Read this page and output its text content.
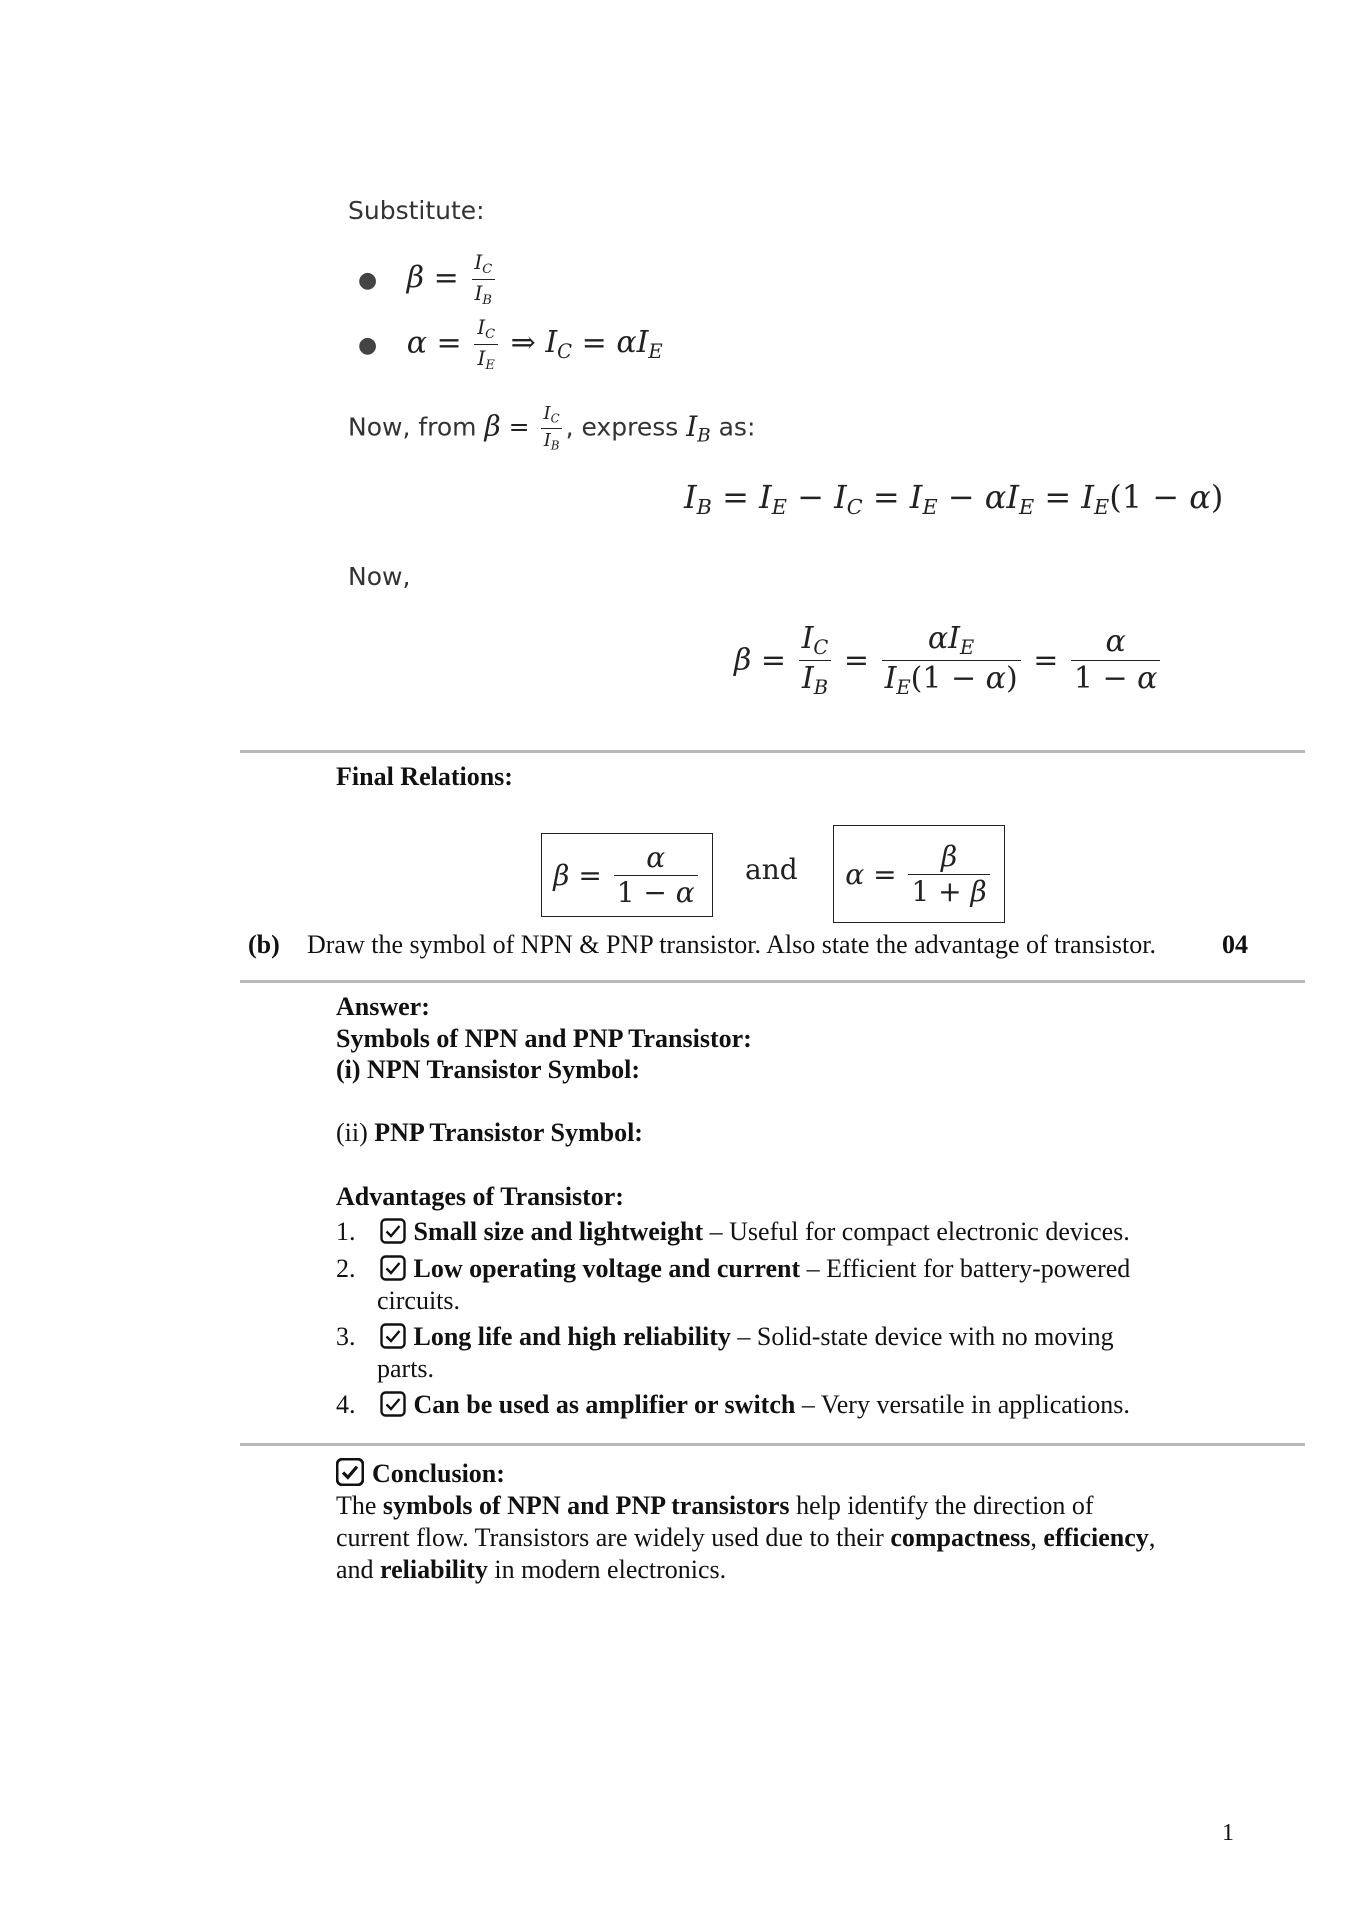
Substitute:
● $\beta = \frac{I_C}{I_B}$
● $\alpha = \frac{I_C}{I_E}$ ⇒ $I_C = \alpha I_E$
Now, from $\beta = \frac{I_C}{I_B}$ , express $I_B$ as:
$I_B = I_E - I_C = I_E - \alpha I_E = I_E(1 - \alpha)$
Now,
$\beta = \frac{I_C}{I_B} = \frac{\alpha I_E}{I_E(1 - \alpha)} = \frac{\alpha}{1 - \alpha}$
Final Relations:
$\beta = \frac{\alpha}{1 - \alpha}$ and $\alpha = \frac{\beta}{1 + \beta}$
(b) Draw the symbol of NPN & PNP transistor. Also state the advantage of transistor.	04
Answer:
Symbols of NPN and PNP Transistor:
(i) NPN Transistor Symbol:
(ii) PNP Transistor Symbol:
Advantages of Transistor:
1. Small size and lightweight – Useful for compact electronic devices.
2. Low operating voltage and current – Efficient for battery-powered
circuits.
3. Long life and high reliability – Solid-state device with no moving
parts.
4. Can be used as amplifier or switch – Very versatile in applications.
Conclusion:
The symbols of NPN and PNP transistors help identify the direction of
current flow. Transistors are widely used due to their compactness, efficiency,
and reliability in modern electronics.
1
